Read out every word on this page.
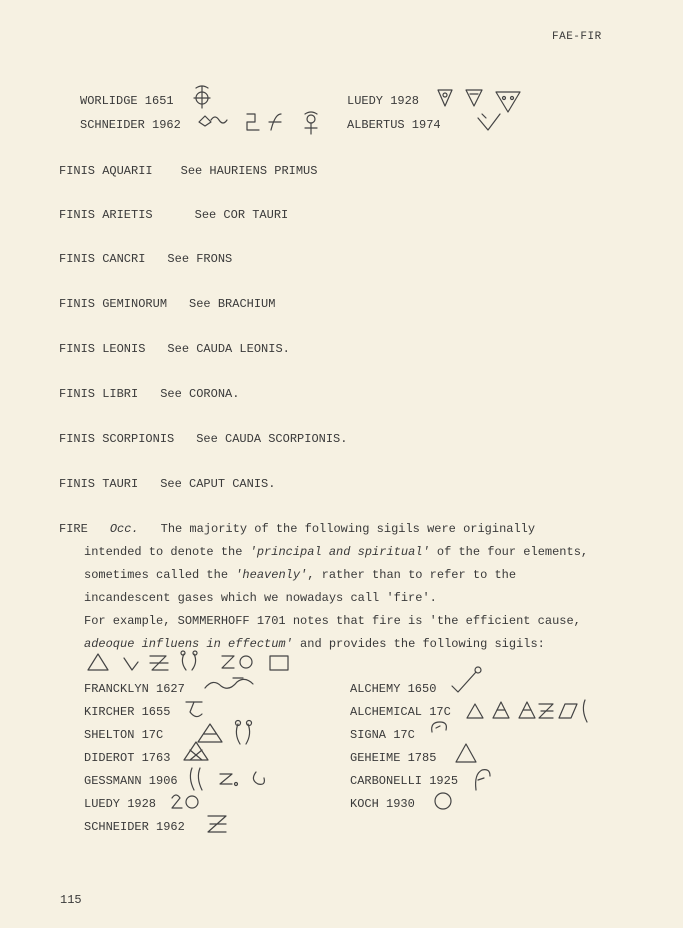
FAE-FIR
WORLIDGE 1651
SCHNEIDER 1962
LUEDY 1928
ALBERTUS 1974
FINIS AQUARII See HAURIENS PRIMUS
FINIS ARIETIS	See COR TAURI
FINIS CANCRI See FRONS
FINIS GEMINORUM See BRACHIUM
FINIS LEONIS See CAUDA LEONIS.
FINIS LIBRI See CORONA.
FINIS SCORPIONIS See CAUDA SCORPIONIS.
FINIS TAURI See CAPUT CANIS.
FIRE Occ. The majority of the following sigils were originally
intended to denote the 'principal and spiritual' of the four elements,
sometimes called the 'heavenly', rather than to refer to the
incandescent gases which we nowadays call 'fire'.
For example, SOMMERHOFF 1701 notes that fire is 'the efficient cause,
adeoque influens in effectum' and provides the following sigils:
FRANCKLYN 1627
KIRCHER 1655
SHELTON 17C
DIDEROT 1763
GESSMANN 1906
LUEDY 1928
SCHNEIDER 1962
ALCHEMY 1650
ALCHEMICAL 17C
SIGNA 17C
GEHEIME 1785
CARBONELLI 1925
KOCH 1930
115
